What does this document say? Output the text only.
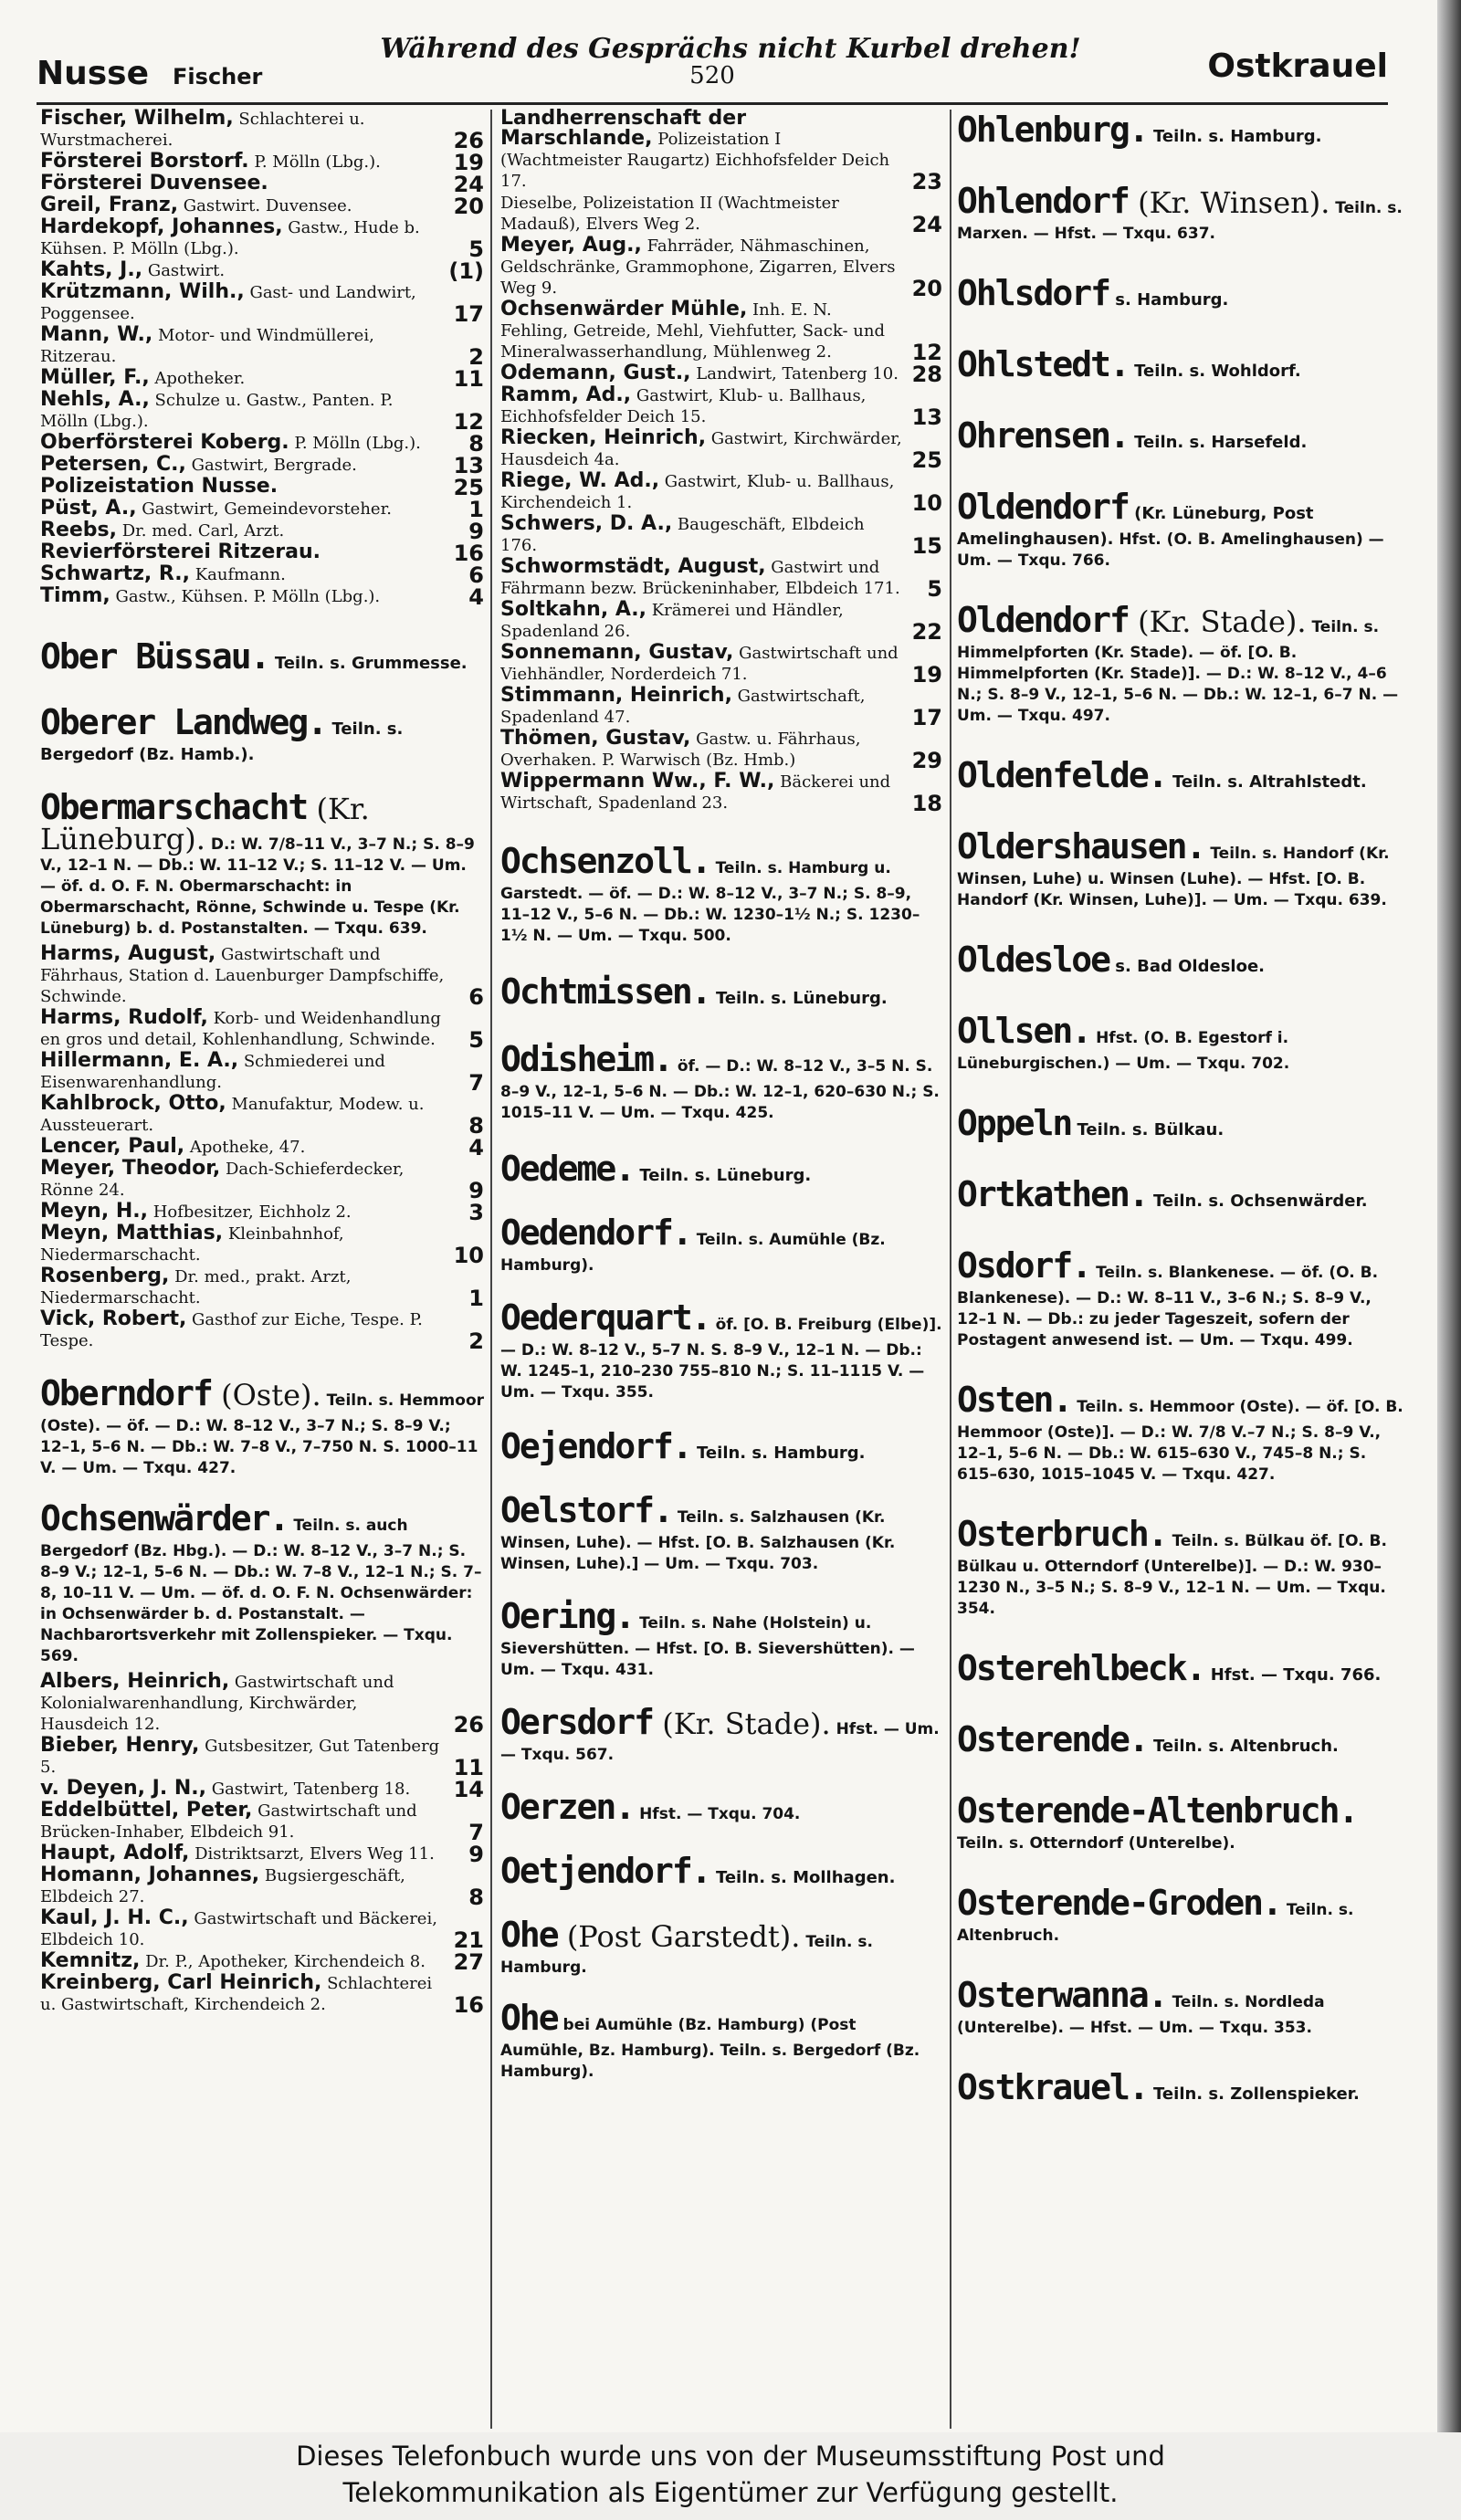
Nusse Fischer
Während des Gesprächs nicht Kurbel drehen!
520	Ostkrauel
Fischer, Wilhelm, Schlachterei u. Wurstmacherei.	26
Försterei Borstorf. P. Mölln (Lbg.).	19
Försterei Duvensee.	24
Greil, Franz, Gastwirt. Duvensee.	20
Hardekopf, Johannes, Gastw., Hude b. Kühsen. P. Mölln (Lbg.).	5
Kahts, J., Gastwirt.	(1)
Krützmann, Wilh., Gast- und Landwirt, Poggensee.	17
Mann, W., Motor- und Windmüllerei, Ritzerau.	2
Müller, F., Apotheker.	11
Nehls, A., Schulze u. Gastw., Panten. P. Mölln (Lbg.).	12
Oberförsterei Koberg. P. Mölln (Lbg.). 8
Petersen, C., Gastwirt, Bergrade.	13
Polizeistation Nusse.	25
Püst, A., Gastwirt, Gemeindevorsteher.	1
Reebs, Dr. med. Carl, Arzt.	9
Revierförsterei Ritzerau.	16
Schwartz, R., Kaufmann.	6
Timm, Gastw., Kühsen. P. Mölln (Lbg.).	4
Ober Büssau. Teiln. s. Grummesse.
Oberer Landweg. Teiln. s. Bergedorf (Bz. Hamb.).
Obermarschacht (Kr. Lüneburg). D.: W. 7/8–11 V., 3–7 N.; S. 8–9 V., 12–1 N. — Db.: W. 11–12 V.; S. 11–12 V. — Um. — öf. d. O. F. N. Obermarschacht: in Obermarschacht, Rönne, Schwinde u. Tespe (Kr. Lüneburg) b. d. Postanstalten. — Txqu. 639.
Harms, August, Gastwirtschaft und Fährhaus, Station d. Lauenburger Dampfschiffe, Schwinde.	6
Harms, Rudolf, Korb- und Weidenhandlung en gros und detail, Kohlenhandlung, Schwinde. 5
Hillermann, E. A., Schmiederei und Eisenwarenhandlung.	7
Kahlbrock, Otto, Manufaktur, Modew. u. Aussteuerart.	8
Lencer, Paul, Apotheke, 47.	4
Meyer, Theodor, Dach-Schieferdecker, Rönne 24.	9
Meyn, H., Hofbesitzer, Eichholz 2.	3
Meyn, Matthias, Kleinbahnhof, Niedermarschacht.	10
Rosenberg, Dr. med., prakt. Arzt, Niedermarschacht.	1
Vick, Robert, Gasthof zur Eiche, Tespe. P. Tespe.	2
Oberndorf (Oste). Teiln. s. Hemmoor (Oste). — öf. — D.: W. 8–12 V., 3–7 N.; S. 8–9 V.; 12–1, 5–6 N. — Db.: W. 7–8 V., 7–750 N. S. 1000–11 V. — Um. — Txqu. 427.
Ochsenwärder. Teiln. s. auch Bergedorf (Bz. Hbg.). — D.: W. 8–12 V., 3–7 N.; S. 8–9 V.; 12–1, 5–6 N. — Db.: W. 7–8 V., 12–1 N.; S. 7–8, 10–11 V. — Um. — öf. d. O. F. N. Ochsenwärder: in Ochsenwärder b. d. Postanstalt. — Nachbarortsverkehr mit Zollenspieker. — Txqu. 569.
Albers, Heinrich, Gastwirtschaft und Kolonialwarenhandlung, Kirchwärder, Hausdeich 12.	26
Bieber, Henry, Gutsbesitzer, Gut Tatenberg 5.	11
v. Deyen, J. N., Gastwirt, Tatenberg 18. 14
Eddelbüttel, Peter, Gastwirtschaft und Brücken-Inhaber, Elbdeich 91.	7
Haupt, Adolf, Distriktsarzt, Elvers Weg 11. 9
Homann, Johannes, Bugsiergeschäft, Elbdeich 27.	8
Kaul, J. H. C., Gastwirtschaft und Bäckerei, Elbdeich 10.	21
Kemnitz, Dr. P., Apotheker, Kirchendeich 8. 27
Kreinberg, Carl Heinrich, Schlachterei u. Gastwirtschaft, Kirchendeich 2.	16
Landherrenschaft der Marschlande, Polizeistation I (Wachtmeister Raugartz) Eichhofsfelder Deich 17.	23
Dieselbe, Polizeistation II (Wachtmeister Madauß), Elvers Weg 2.	24
Meyer, Aug., Fahrräder, Nähmaschinen, Geldschränke, Grammophone, Zigarren, Elvers Weg 9.	20
Ochsenwärder Mühle, Inh. E. N. Fehling, Getreide, Mehl, Viehfutter, Sack- und Mineralwasserhandlung, Mühlenweg 2.	12
Odemann, Gust., Landwirt, Tatenberg 10. 28
Ramm, Ad., Gastwirt, Klub- u. Ballhaus, Eichhofsfelder Deich 15.	13
Riecken, Heinrich, Gastwirt, Kirchwärder, Hausdeich 4a.	25
Riege, W. Ad., Gastwirt, Klub- u. Ballhaus, Kirchendeich 1.	10
Schwers, D. A., Baugeschäft, Elbdeich 176.	15
Schwormstädt, August, Gastwirt und Fährmann bezw. Brückeninhaber, Elbdeich 171. 5
Soltkahn, A., Krämerei und Händler, Spadenland 26.	22
Sonnemann, Gustav, Gastwirtschaft und Viehhändler, Norderdeich 71.	19
Stimmann, Heinrich, Gastwirtschaft, Spadenland 47.	17
Thömen, Gustav, Gastw. u. Fährhaus, Overhaken. P. Warwisch (Bz. Hmb.)	29
Wippermann Ww., F. W., Bäckerei und Wirtschaft, Spadenland 23.	18
Ochsenzoll. Teiln. s. Hamburg u. Garstedt. — öf. — D.: W. 8–12 V., 3–7 N.; S. 8–9, 11–12 V., 5–6 N. — Db.: W. 1230–1½ N.; S. 1230–1½ N. — Um. — Txqu. 500.
Ochtmissen. Teiln. s. Lüneburg.
Odisheim. öf. — D.: W. 8–12 V., 3–5 N. S. 8–9 V., 12–1, 5–6 N. — Db.: W. 12–1, 620–630 N.; S. 1015–11 V. — Um. — Txqu. 425.
Oedeme. Teiln. s. Lüneburg.
Oedendorf. Teiln. s. Aumühle (Bz. Hamburg).
Oederquart. öf. [O. B. Freiburg (Elbe)]. — D.: W. 8–12 V., 5–7 N. S. 8–9 V., 12–1 N. — Db.: W. 1245–1, 210–230 755–810 N.; S. 11–1115 V. — Um. — Txqu. 355.
Oejendorf. Teiln. s. Hamburg.
Oelstorf. Teiln. s. Salzhausen (Kr. Winsen, Luhe). — Hfst. [O. B. Salzhausen (Kr. Winsen, Luhe).] — Um. — Txqu. 703.
Oering. Teiln. s. Nahe (Holstein) u. Sievershütten. — Hfst. [O. B. Sievershütten). — Um. — Txqu. 431.
Oersdorf (Kr. Stade). Hfst. — Um. — Txqu. 567.
Oerzen. Hfst. — Txqu. 704.
Oetjendorf. Teiln. s. Mollhagen.
Ohe (Post Garstedt). Teiln. s. Hamburg.
Ohe bei Aumühle (Bz. Hamburg) (Post Aumühle, Bz. Hamburg). Teiln. s. Bergedorf (Bz. Hamburg).
Ohlenburg. Teiln. s. Hamburg.
Ohlendorf (Kr. Winsen). Teiln. s. Marxen. — Hfst. — Txqu. 637.
Ohlsdorf s. Hamburg.
Ohlstedt. Teiln. s. Wohldorf.
Ohrensen. Teiln. s. Harsefeld.
Oldendorf (Kr. Lüneburg, Post Amelinghausen). Hfst. (O. B. Amelinghausen) — Um. — Txqu. 766.
Oldendorf (Kr. Stade). Teiln. s. Himmelpforten (Kr. Stade). — öf. [O. B. Himmelpforten (Kr. Stade)]. — D.: W. 8–12 V., 4–6 N.; S. 8–9 V., 12–1, 5–6 N. — Db.: W. 12–1, 6–7 N. — Um. — Txqu. 497.
Oldenfelde. Teiln. s. Altrahlstedt.
Oldershausen. Teiln. s. Handorf (Kr. Winsen, Luhe) u. Winsen (Luhe). — Hfst. [O. B. Handorf (Kr. Winsen, Luhe)]. — Um. — Txqu. 639.
Oldesloe s. Bad Oldesloe.
Ollsen. Hfst. (O. B. Egestorf i. Lüneburgischen.) — Um. — Txqu. 702.
Oppeln Teiln. s. Bülkau.
Ortkathen. Teiln. s. Ochsenwärder.
Osdorf. Teiln. s. Blankenese. — öf. (O. B. Blankenese). — D.: W. 8–11 V., 3–6 N.; S. 8–9 V., 12–1 N. — Db.: zu jeder Tageszeit, sofern der Postagent anwesend ist. — Um. — Txqu. 499.
Osten. Teiln. s. Hemmoor (Oste). — öf. [O. B. Hemmoor (Oste)]. — D.: W. 7/8 V.–7 N.; S. 8–9 V., 12–1, 5–6 N. — Db.: W. 615–630 V., 745–8 N.; S. 615–630, 1015–1045 V. — Txqu. 427.
Osterbruch. Teiln. s. Bülkau öf. [O. B. Bülkau u. Otterndorf (Unterelbe)]. — D.: W. 930–1230 N., 3–5 N.; S. 8–9 V., 12–1 N. — Um. — Txqu. 354.
Osterehlbeck. Hfst. — Txqu. 766.
Osterende. Teiln. s. Altenbruch.
Osterende-Altenbruch. Teiln. s. Otterndorf (Unterelbe).
Osterende-Groden. Teiln. s. Altenbruch.
Osterwanna. Teiln. s. Nordleda (Unterelbe). — Hfst. — Um. — Txqu. 353.
Ostkrauel. Teiln. s. Zollenspieker.
Dieses Telefonbuch wurde uns von der Museumsstiftung Post und
Telekommunikation als Eigentümer zur Verfügung gestellt.
